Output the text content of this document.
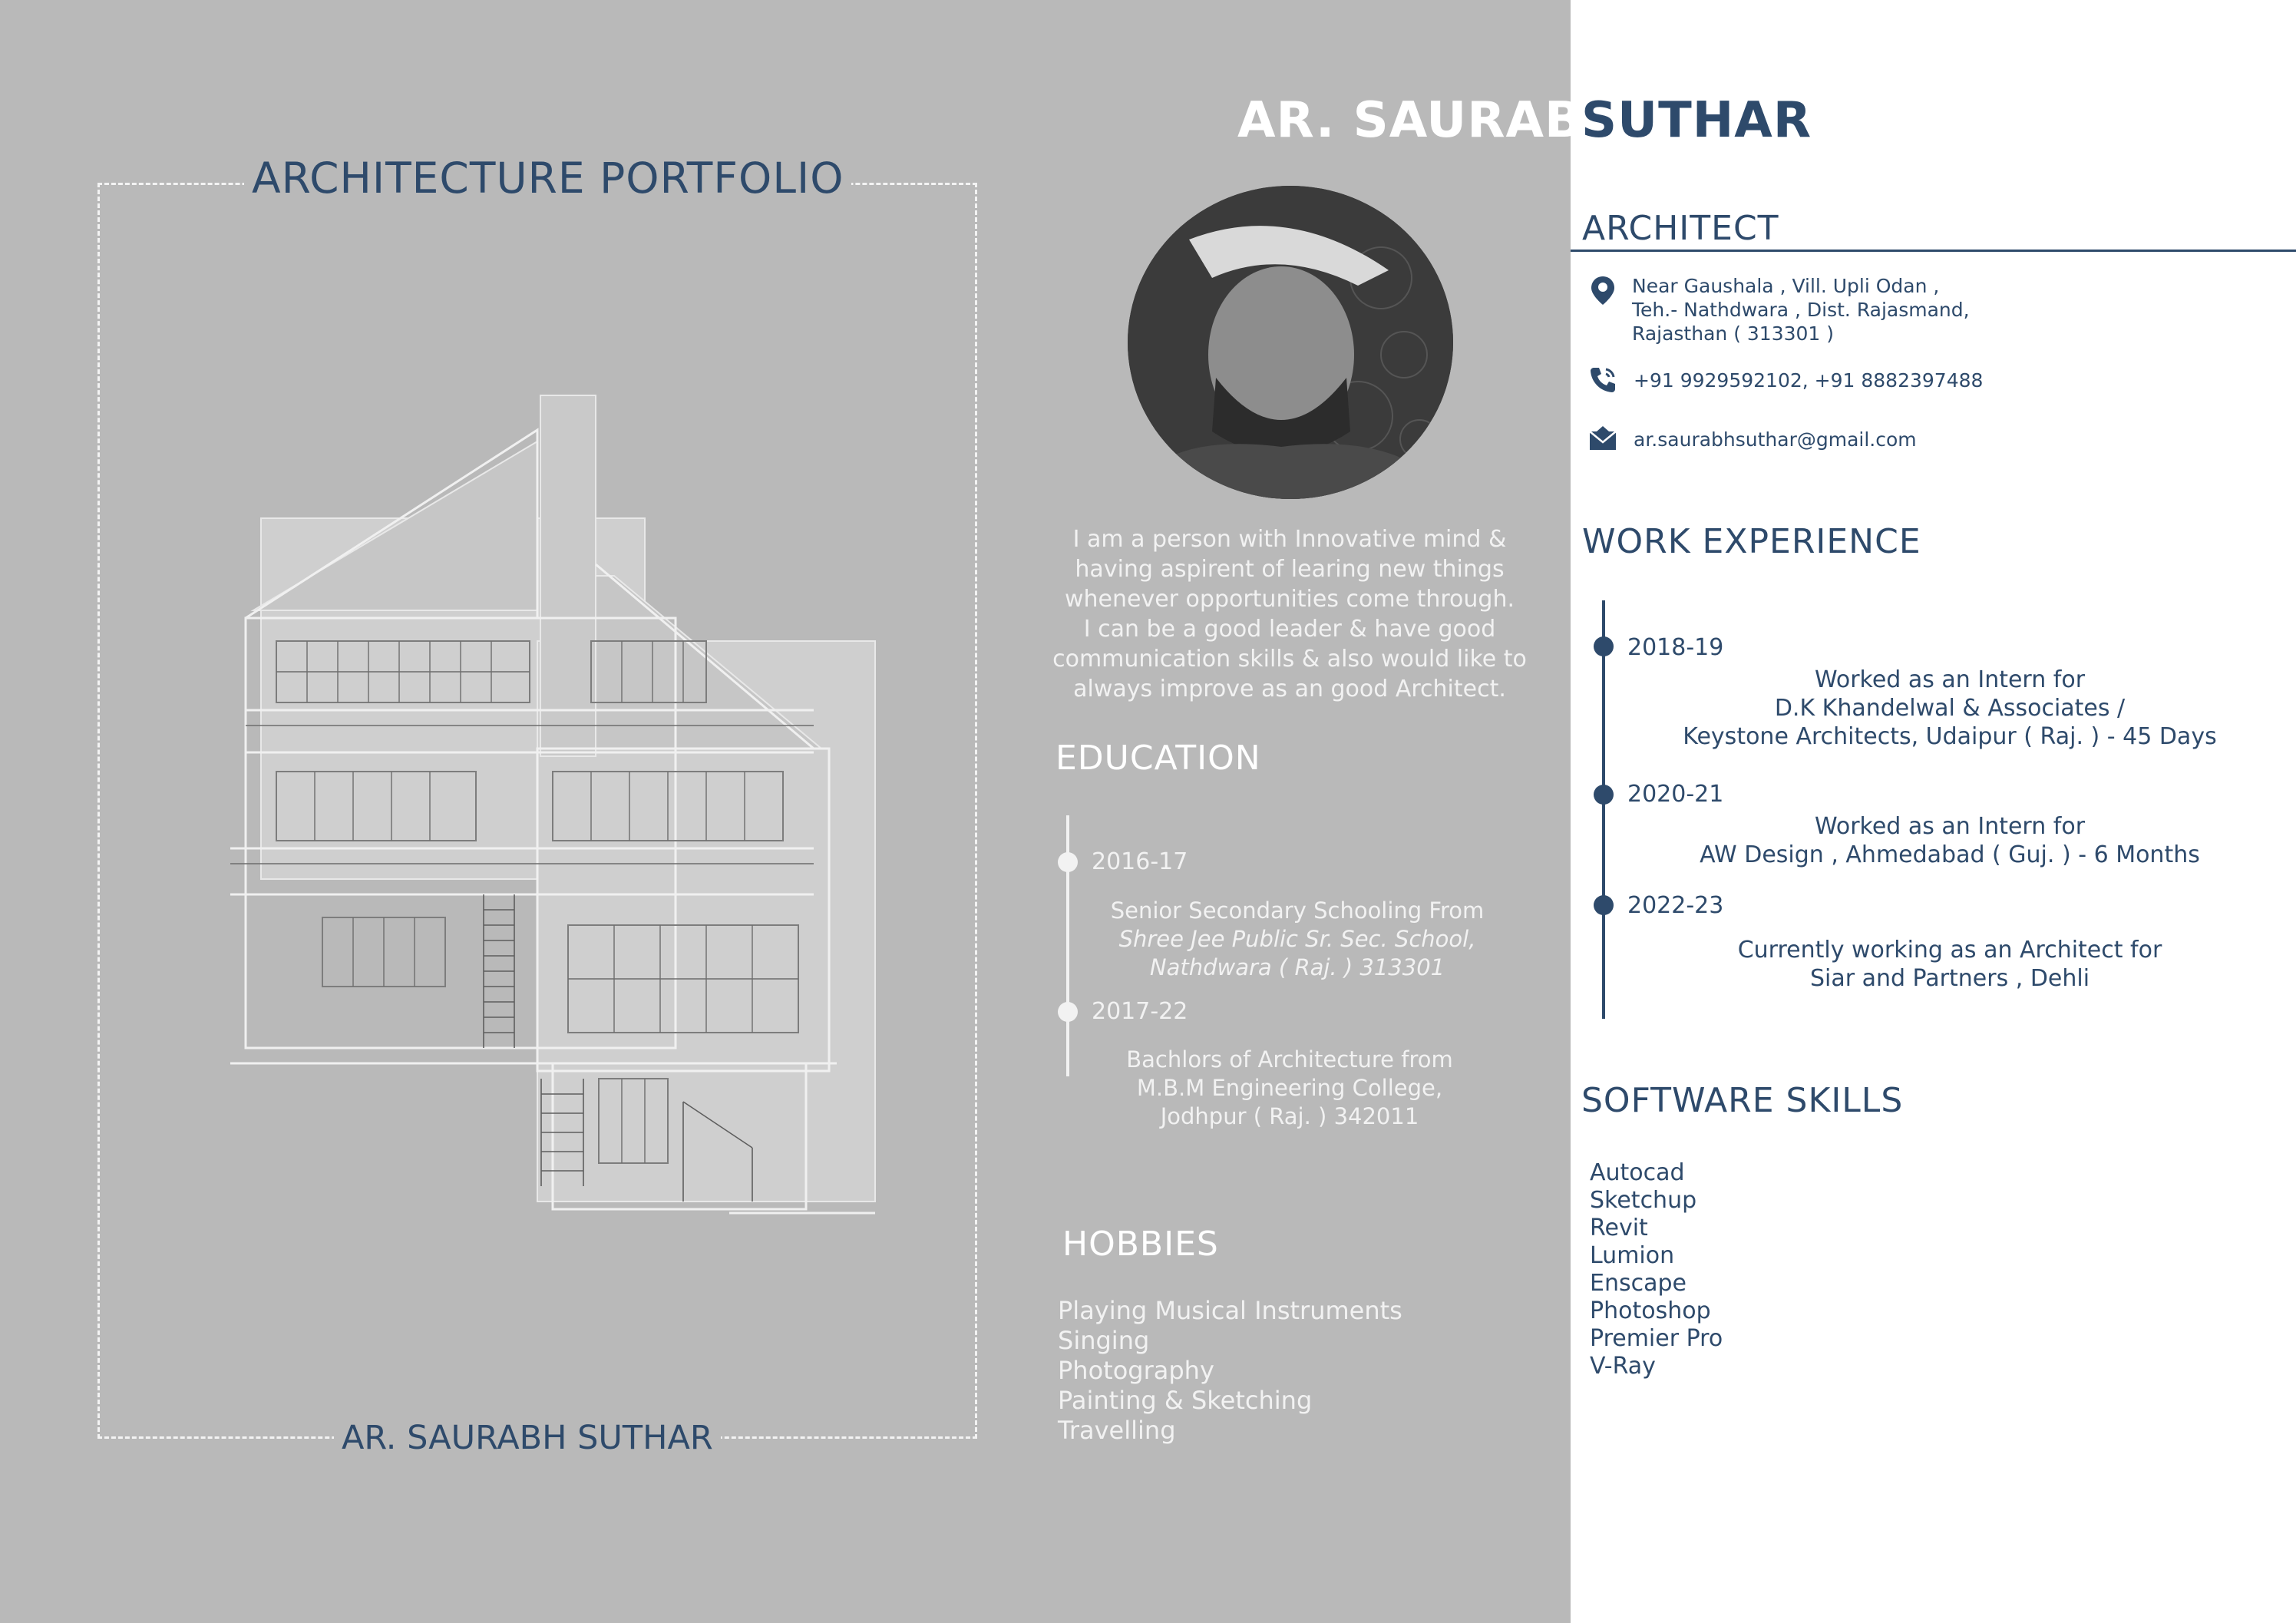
ARCHITECTURE PORTFOLIO
AR. SAURABH SUTHAR
AR. SAURABH
SUTHAR
I am a person with Innovative mind &
having aspirent of learing new things
whenever opportunities come through.
I can be a good leader & have good
communication skills & also would like to
always improve as an good Architect.
EDUCATION
2016-17
Senior Secondary Schooling From
Shree Jee Public Sr. Sec. School,
Nathdwara ( Raj. ) 313301
2017-22
Bachlors of Architecture from
M.B.M Engineering College,
Jodhpur ( Raj. ) 342011
HOBBIES
Playing Musical Instruments
Singing
Photography
Painting & Sketching
Travelling
ARCHITECT
Near Gaushala , Vill. Upli Odan ,
Teh.- Nathdwara , Dist. Rajasmand,
Rajasthan ( 313301 )
+91 9929592102, +91 8882397488
ar.saurabhsuthar@gmail.com
WORK EXPERIENCE
2018-19
Worked as an Intern for
D.K Khandelwal & Associates /
Keystone Architects, Udaipur ( Raj. ) - 45 Days
2020-21
Worked as an Intern for
AW Design , Ahmedabad ( Guj. ) - 6 Months
2022-23
Currently working as an Architect for
Siar and Partners , Dehli
SOFTWARE SKILLS
Autocad
Sketchup
Revit
Lumion
Enscape
Photoshop
Premier Pro
V-Ray
